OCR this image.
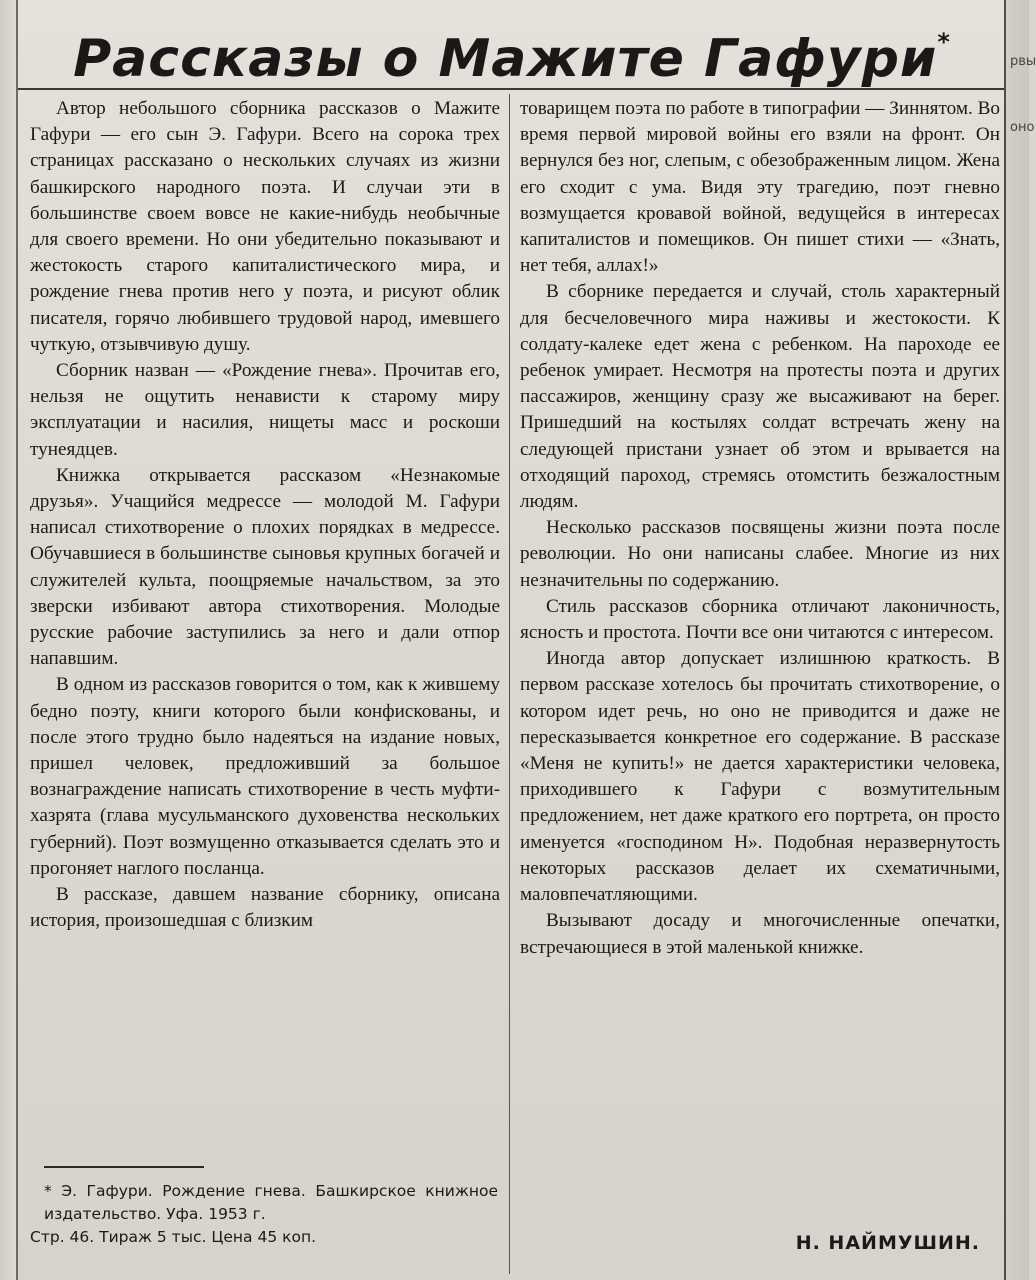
рвы
оно
Рассказы о Мажите Гафури*

Автор небольшого сборника рассказов о Мажите Гафури — его сын Э. Гафури. Всего на сорока трех страницах рассказано о нескольких случаях из жизни башкирского народного поэта. И случаи эти в большинстве своем вовсе не какие-нибудь необычные для своего времени. Но они убедительно показывают и жестокость старого капиталистического мира, и рождение гнева против него у поэта, и рисуют облик писателя, горячо любившего трудовой народ, имевшего чуткую, отзывчивую душу.

Сборник назван — «Рождение гнева». Прочитав его, нельзя не ощутить ненависти к старому миру эксплуатации и насилия, нищеты масс и роскоши тунеядцев.

Книжка открывается рассказом «Незнакомые друзья». Учащийся медрессе — молодой М. Гафури написал стихотворение о плохих порядках в медрессе. Обучавшиеся в большинстве сыновья крупных богачей и служителей культа, поощряемые начальством, за это зверски избивают автора стихотворения. Молодые русские рабочие заступились за него и дали отпор напавшим.

В одном из рассказов говорится о том, как к жившему бедно поэту, книги которого были конфискованы, и после этого трудно было надеяться на издание новых, пришел человек, предложивший за большое вознаграждение написать стихотворение в честь муфти-хазрята (глава мусульманского духовенства нескольких губерний). Поэт возмущенно отказывается сделать это и прогоняет наглого посланца.

В рассказе, давшем название сборнику, описана история, произошедшая с близким

товарищем поэта по работе в типографии — Зиннятом. Во время первой мировой войны его взяли на фронт. Он вернулся без ног, слепым, с обезображенным лицом. Жена его сходит с ума. Видя эту трагедию, поэт гневно возмущается кровавой войной, ведущейся в интересах капиталистов и помещиков. Он пишет стихи — «Знать, нет тебя, аллах!»

В сборнике передается и случай, столь характерный для бесчеловечного мира наживы и жестокости. К солдату-калеке едет жена с ребенком. На пароходе ее ребенок умирает. Несмотря на протесты поэта и других пассажиров, женщину сразу же высаживают на берег. Пришедший на костылях солдат встречать жену на следующей пристани узнает об этом и врывается на отходящий пароход, стремясь отомстить безжалостным людям.

Несколько рассказов посвящены жизни поэта после революции. Но они написаны слабее. Многие из них незначительны по содержанию.

Стиль рассказов сборника отличают лаконичность, ясность и простота. Почти все они читаются с интересом.

Иногда автор допускает излишнюю краткость. В первом рассказе хотелось бы прочитать стихотворение, о котором идет речь, но оно не приводится и даже не пересказывается конкретное его содержание. В рассказе «Меня не купить!» не дается характеристики человека, приходившего к Гафури с возмутительным предложением, нет даже краткого его портрета, он просто именуется «господином Н». Подобная неразвернутость некоторых рассказов делает их схематичными, маловпечатляющими.

Вызывают досаду и многочисленные опечатки, встречающиеся в этой маленькой книжке.

* Э. Гафури. Рождение гнева. Башкирское книжное издательство. Уфа. 1953 г.
Стр. 46. Тираж 5 тыс. Цена 45 коп.	Н. НАЙМУШИН.
